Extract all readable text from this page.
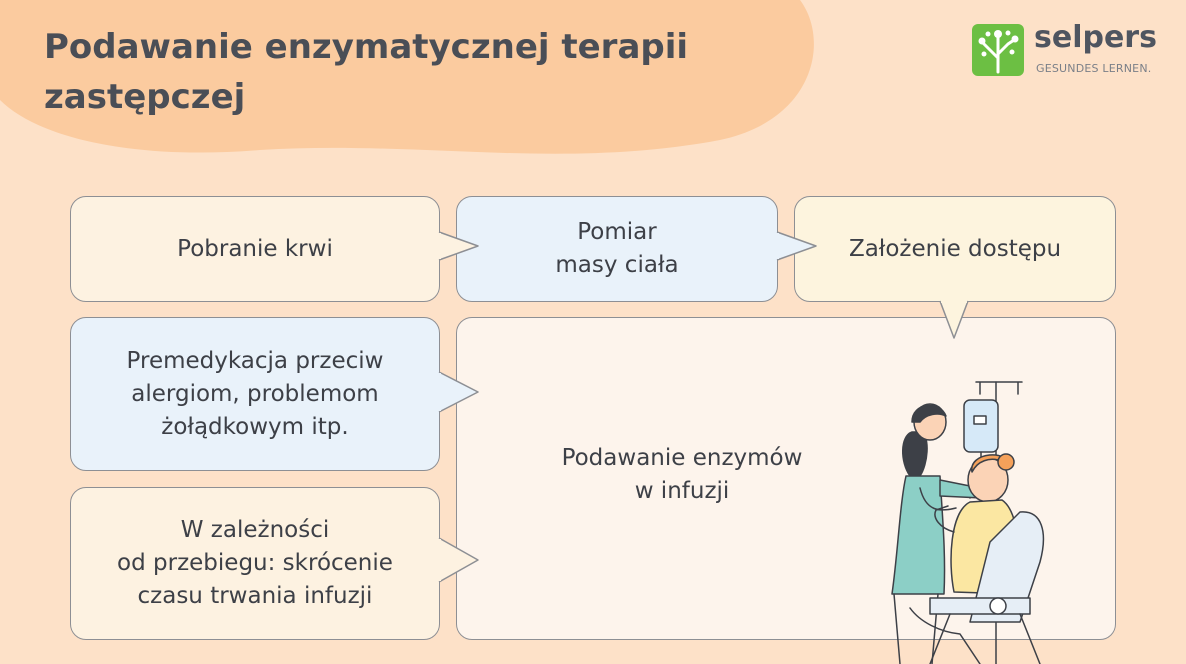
Podawanie enzymatycznej terapii zastępczej
selpers
GESUNDES LERNEN.
Pobranie krwi
Pomiar
masy ciała
Założenie dostępu
Premedykacja przeciw
alergiom, problemom
żołądkowym itp.
W zależności
od przebiegu: skrócenie
czasu trwania infuzji
Podawanie enzymów
w infuzji
